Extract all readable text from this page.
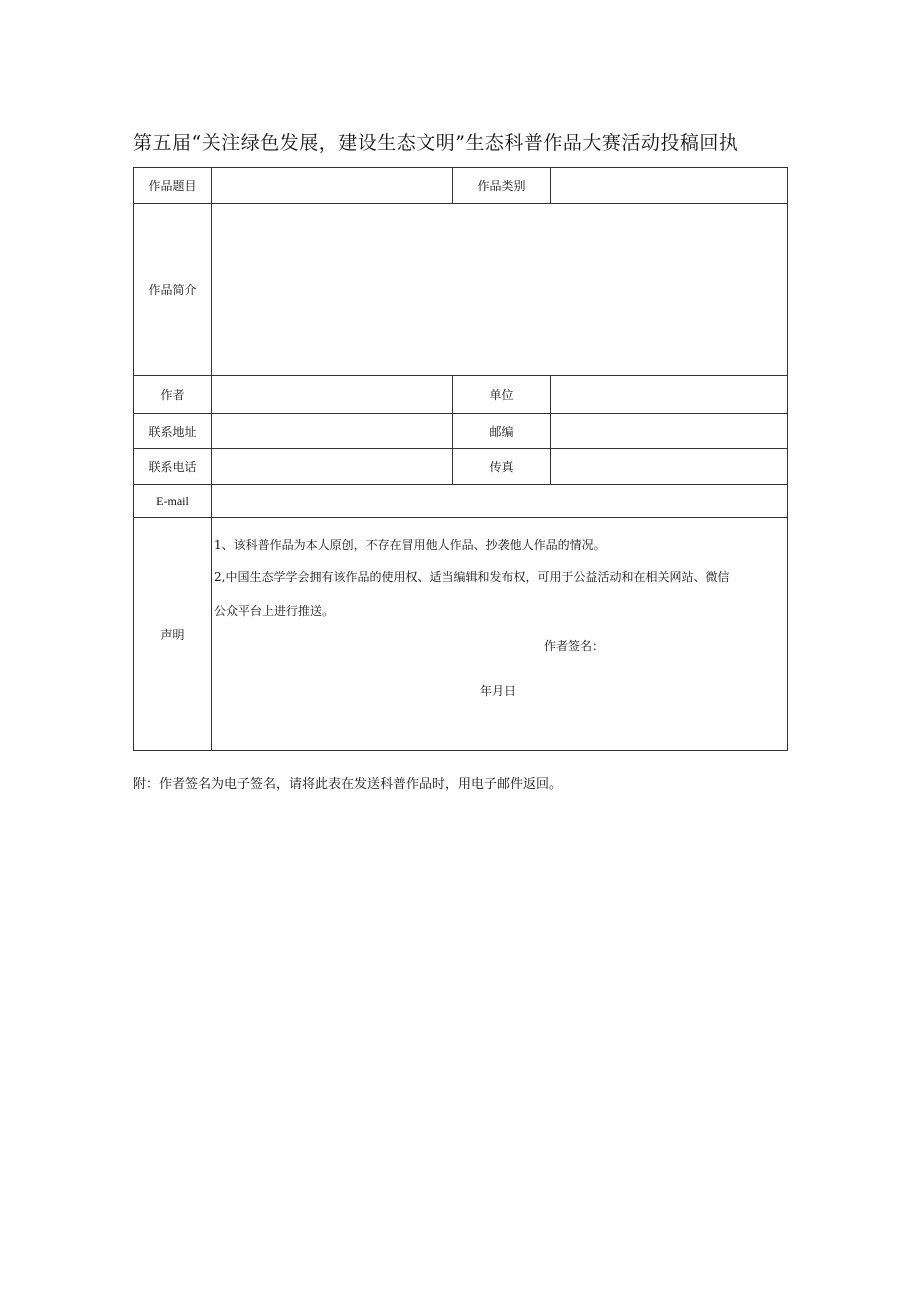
第五届“关注绿色发展，建设生态文明”生态科普作品大赛活动投稿回执
作品题目		作品类别	
作品简介			
作者		单位	
联系地址		邮编	
联系电话		传真	
E-mail			
声明	1、该科普作品为本人原创，不存在冒用他人作品、抄袭他人作品的情况。
2,中国生态学学会拥有该作品的使用权、适当编辑和发布权，可用于公益活动和在相关网站、微信
公众平台上进行推送。
作者签名：
年月日		
附：作者签名为电子签名，请将此表在发送科普作品时，用电子邮件返回。
